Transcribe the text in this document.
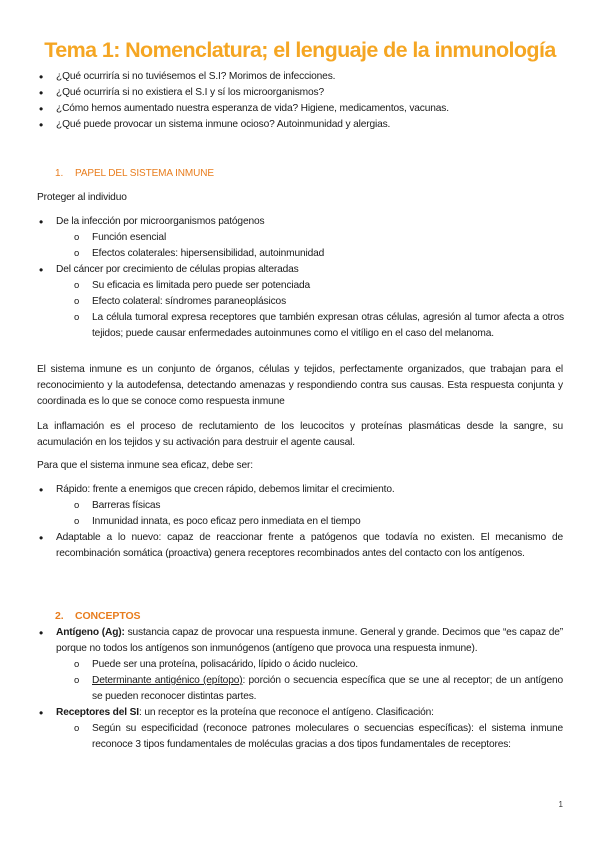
Tema 1: Nomenclatura; el lenguaje de la inmunología
• ¿Qué ocurriría si no tuviésemos el S.I? Morimos de infecciones.
• ¿Qué ocurriría si no existiera el S.I y sí los microorganismos?
• ¿Cómo hemos aumentado nuestra esperanza de vida? Higiene, medicamentos, vacunas.
• ¿Qué puede provocar un sistema inmune ocioso? Autoinmunidad y alergias.
1. PAPEL DEL SISTEMA INMUNE
Proteger al individuo
• De la infección por microorganismos patógenos
o Función esencial
o Efectos colaterales: hipersensibilidad, autoinmunidad
• Del cáncer por crecimiento de células propias alteradas
o Su eficacia es limitada pero puede ser potenciada
o Efecto colateral: síndromes paraneoplásicos
o La célula tumoral expresa receptores que también expresan otras células, agresión al tumor afecta a otros tejidos; puede causar enfermedades autoinmunes como el vitíligo en el caso del melanoma.
El sistema inmune es un conjunto de órganos, células y tejidos, perfectamente organizados, que trabajan para el reconocimiento y la autodefensa, detectando amenazas y respondiendo contra sus causas. Esta respuesta conjunta y coordinada es lo que se conoce como respuesta inmune
La inflamación es el proceso de reclutamiento de los leucocitos y proteínas plasmáticas desde la sangre, su acumulación en los tejidos y su activación para destruir el agente causal.
Para que el sistema inmune sea eficaz, debe ser:
• Rápido: frente a enemigos que crecen rápido, debemos limitar el crecimiento.
o Barreras físicas
o Inmunidad innata, es poco eficaz pero inmediata en el tiempo
• Adaptable a lo nuevo: capaz de reaccionar frente a patógenos que todavía no existen. El mecanismo de recombinación somática (proactiva) genera receptores recombinados antes del contacto con los antígenos.
2. CONCEPTOS
• Antígeno (Ag): sustancia capaz de provocar una respuesta inmune. General y grande. Decimos que “es capaz de” porque no todos los antígenos son inmunógenos (antígeno que provoca una respuesta inmune).
o Puede ser una proteína, polisacárido, lípido o ácido nucleico.
o Determinante antigénico (epítopo): porción o secuencia específica que se une al receptor; de un antígeno se pueden reconocer distintas partes.
• Receptores del SI: un receptor es la proteína que reconoce el antígeno. Clasificación:
o Según su especificidad (reconoce patrones moleculares o secuencias específicas): el sistema inmune reconoce 3 tipos fundamentales de moléculas gracias a dos tipos fundamentales de receptores:
1
